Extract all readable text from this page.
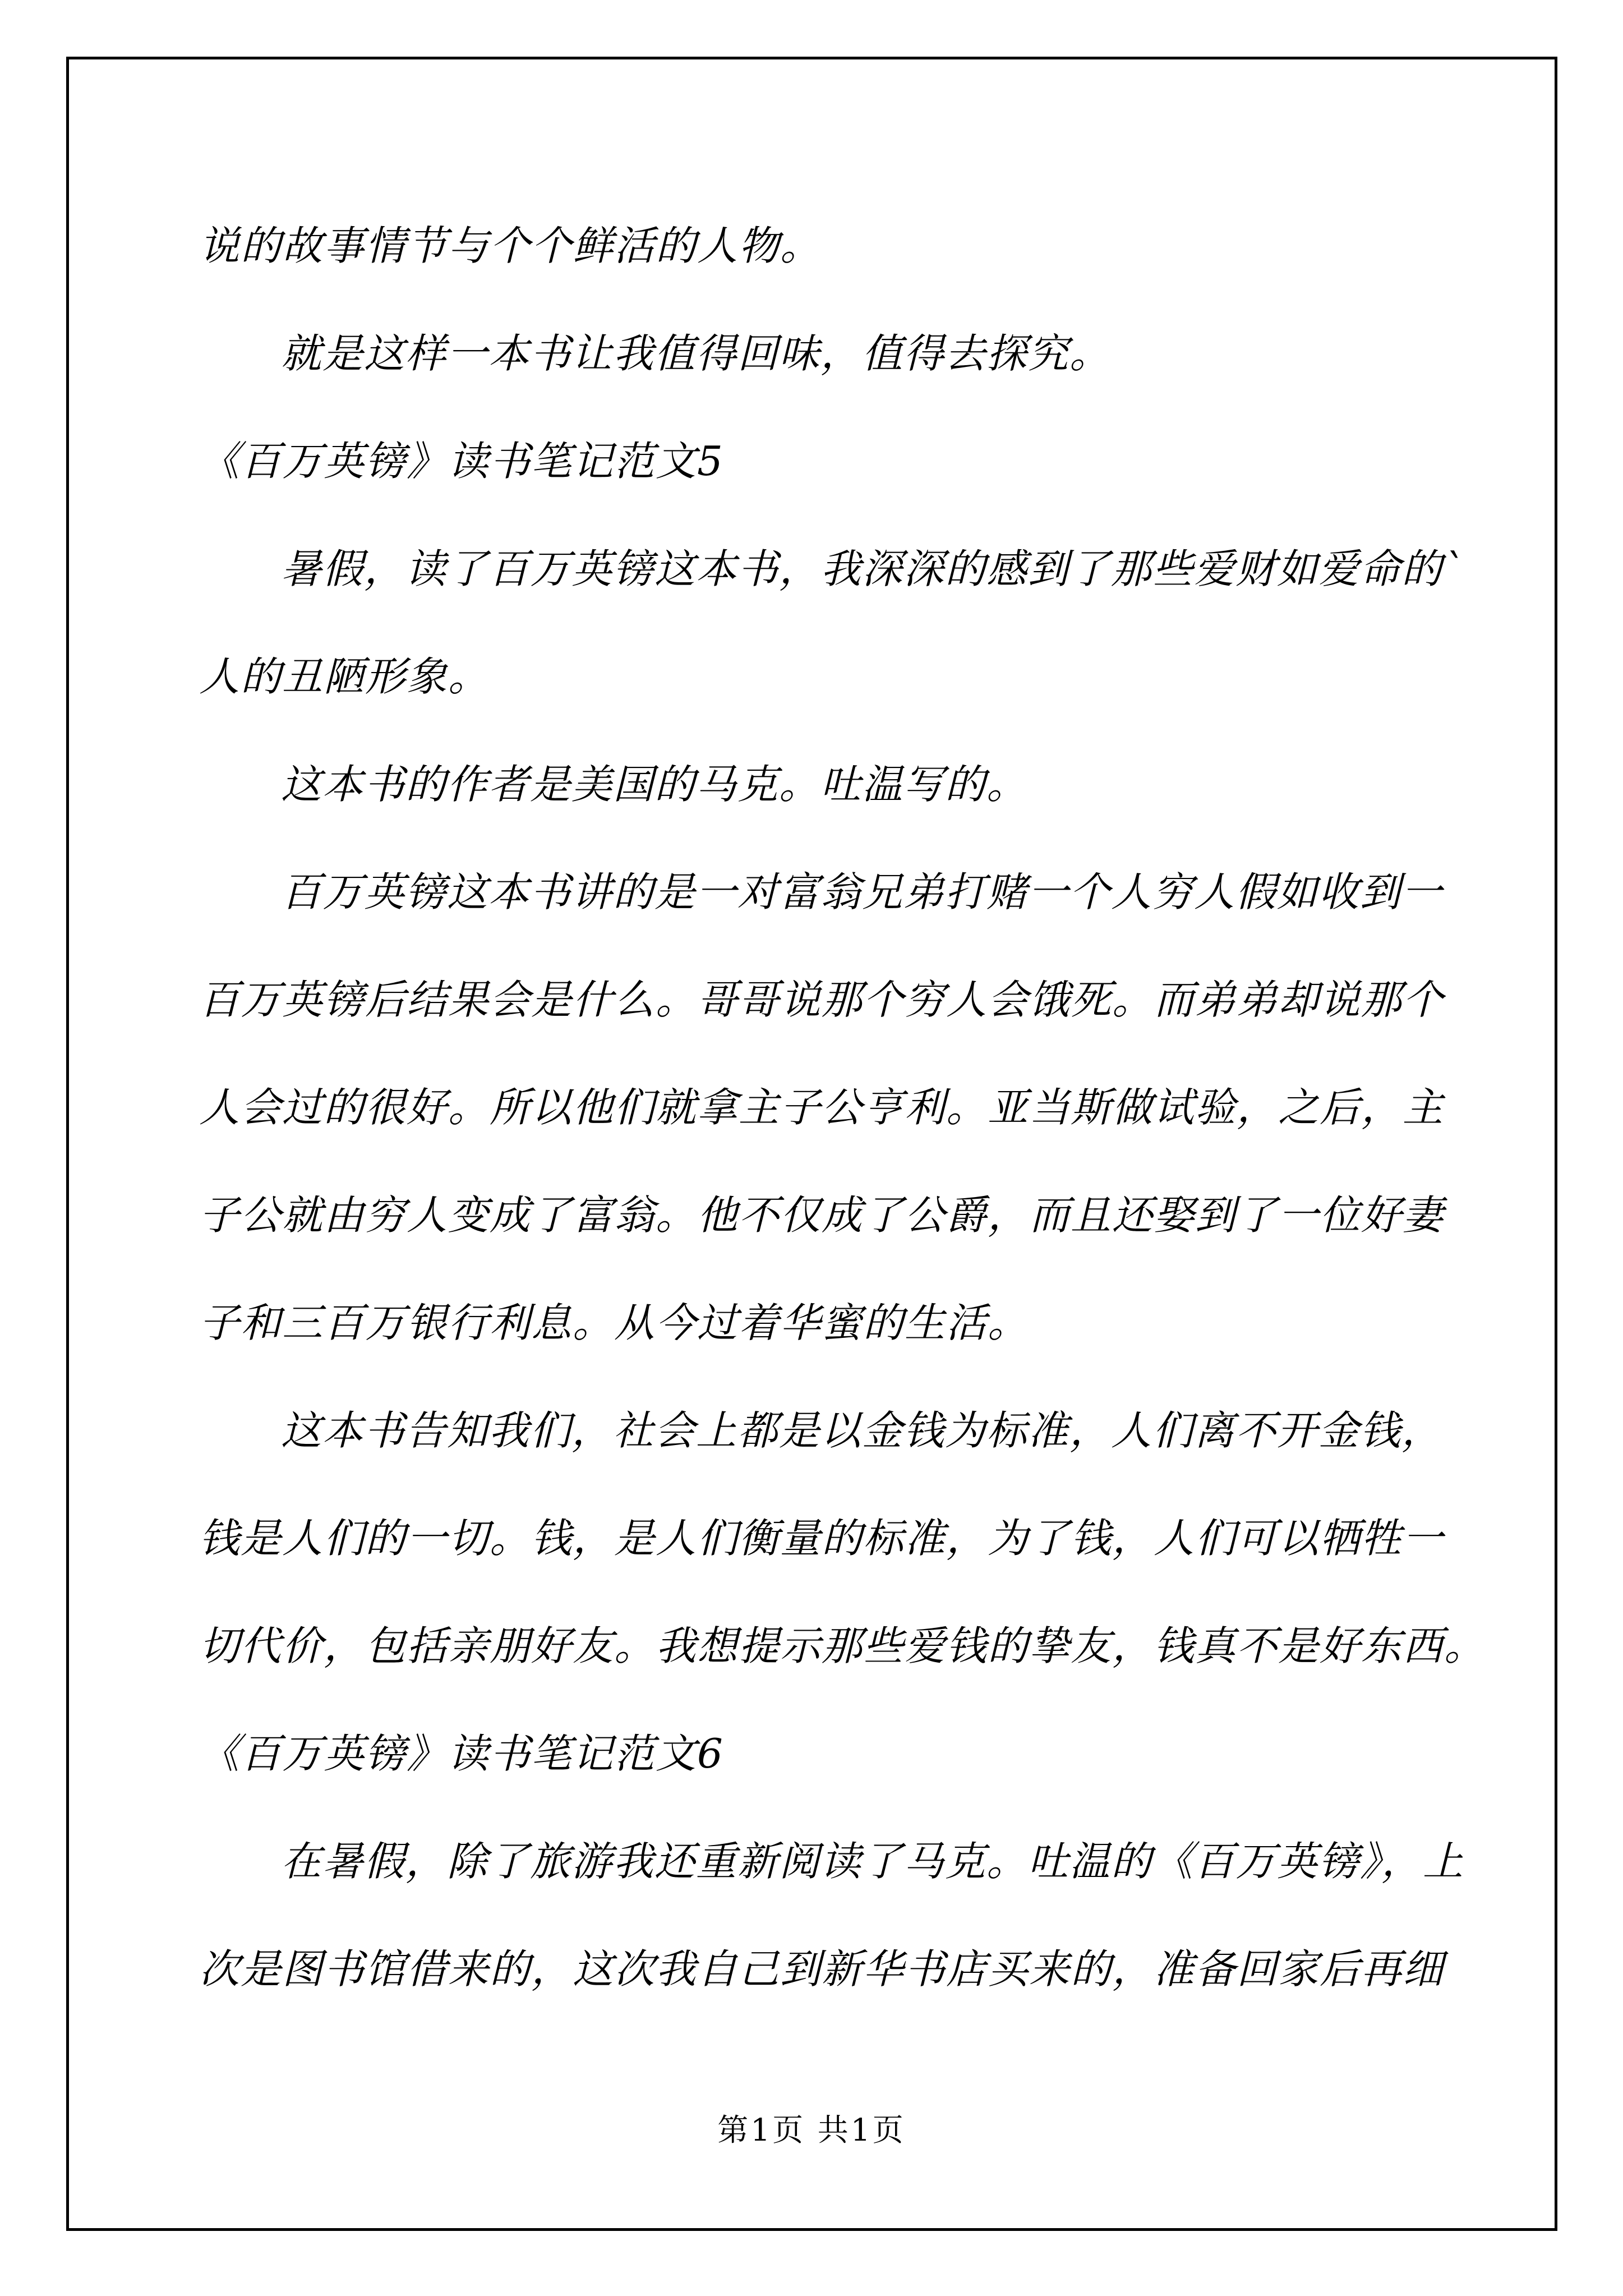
说的故事情节与个个鲜活的人物。
就是这样一本书让我值得回味，值得去探究。
《百万英镑》读书笔记范文5
暑假，读了百万英镑这本书，我深深的感到了那些爱财如爱命的`
人的丑陋形象。
这本书的作者是美国的马克。吐温写的。
百万英镑这本书讲的是一对富翁兄弟打赌一个人穷人假如收到一
百万英镑后结果会是什么。哥哥说那个穷人会饿死。而弟弟却说那个
人会过的很好。所以他们就拿主子公亨利。亚当斯做试验，之后，主
子公就由穷人变成了富翁。他不仅成了公爵，而且还娶到了一位好妻
子和三百万银行利息。从今过着华蜜的生活。
这本书告知我们，社会上都是以金钱为标准，人们离不开金钱，
钱是人们的一切。钱，是人们衡量的标准，为了钱，人们可以牺牲一
切代价，包括亲朋好友。我想提示那些爱钱的挚友，钱真不是好东西。
《百万英镑》读书笔记范文6
在暑假，除了旅游我还重新阅读了马克。吐温的《百万英镑》，上
次是图书馆借来的，这次我自己到新华书店买来的，准备回家后再细
第1页 共1页
